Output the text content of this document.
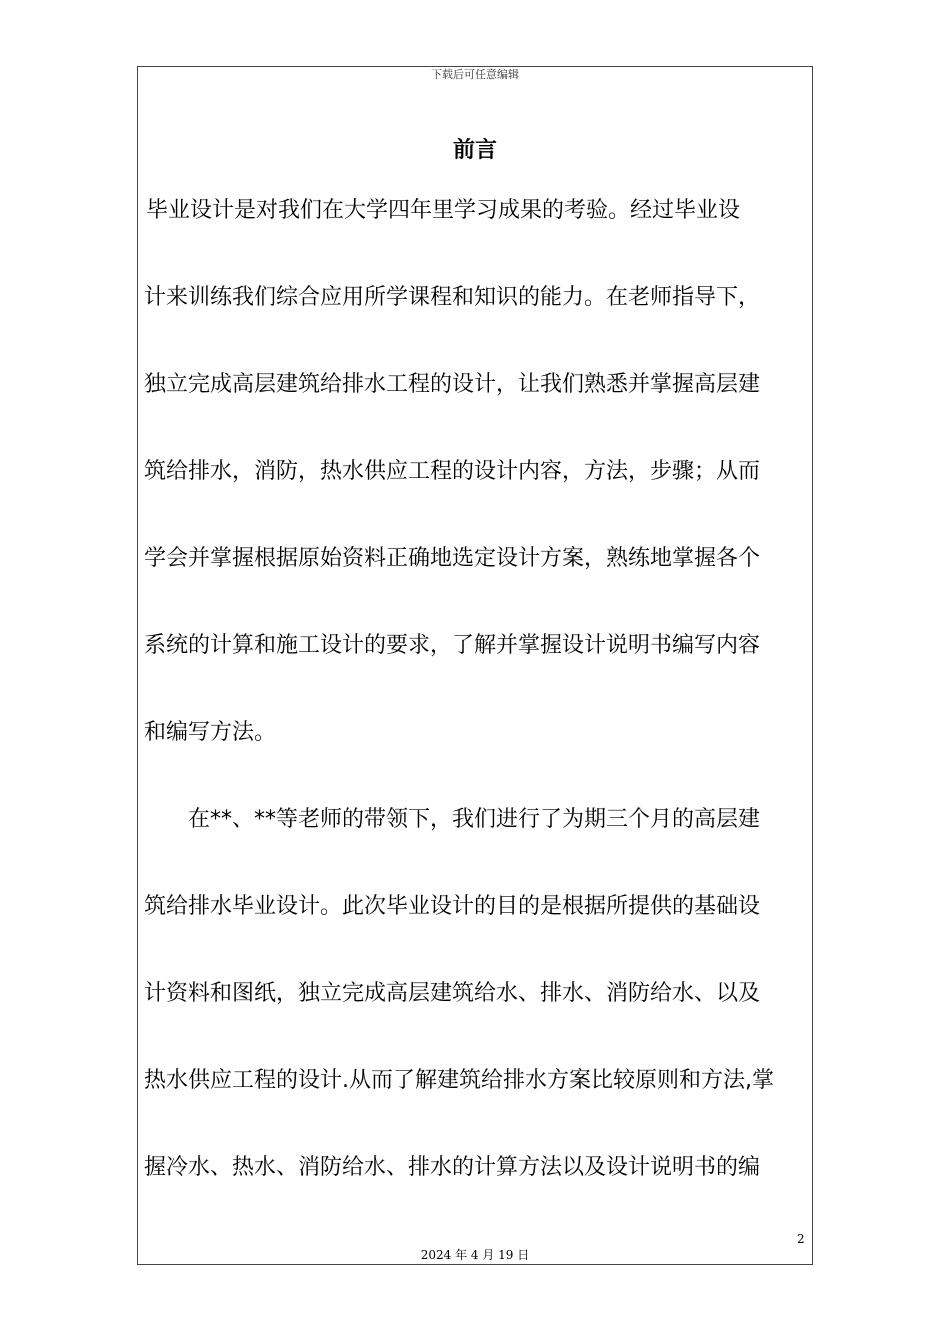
下载后可任意编辑
前言
毕业设计是对我们在大学四年里学习成果的考验。经过毕业设
计来训练我们综合应用所学课程和知识的能力。在老师指导下，
独立完成高层建筑给排水工程的设计，让我们熟悉并掌握高层建
筑给排水，消防，热水供应工程的设计内容，方法，步骤；从而
学会并掌握根据原始资料正确地选定设计方案，熟练地掌握各个
系统的计算和施工设计的要求，了解并掌握设计说明书编写内容
和编写方法。
在**、**等老师的带领下，我们进行了为期三个月的高层建
筑给排水毕业设计。此次毕业设计的目的是根据所提供的基础设
计资料和图纸，独立完成高层建筑给水、排水、消防给水、以及
热水供应工程的设计.从而了解建筑给排水方案比较原则和方法,掌
握冷水、热水、消防给水、排水的计算方法以及设计说明书的编
2
2024 年 4 月 19 日
